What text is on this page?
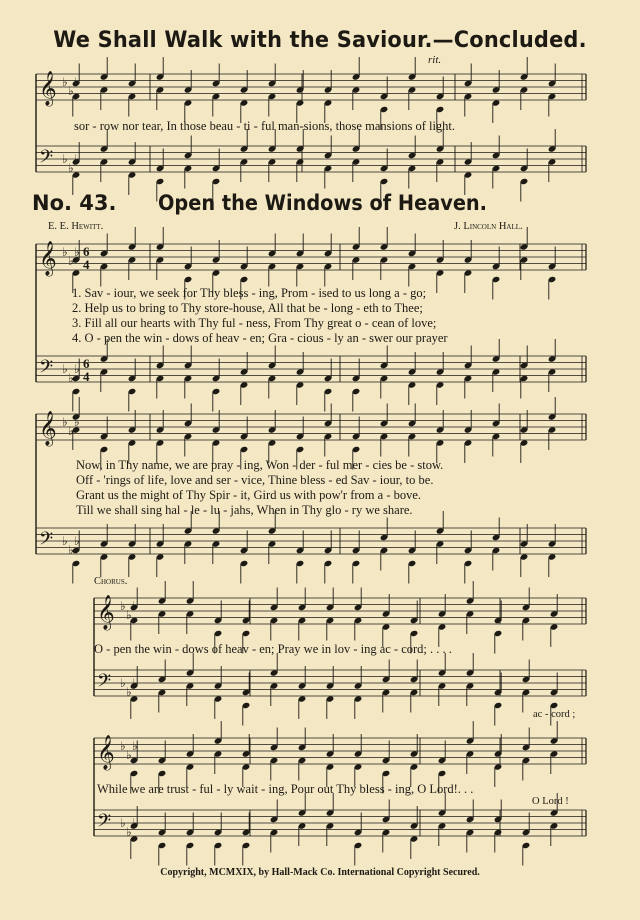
𝄞
𝄢
♭
♭
♭
♭
♭
♭
𝄞
𝄢
♭
♭
♭
♭
♭
♭
𝄞
𝄢
♭
♭
♭
♭
♭
♭
𝄞
𝄢
♭
♭
♭
♭
♭
♭
𝄞
𝄢
♭
♭
♭
♭
♭
♭
6
4
6
4
We Shall Walk with the Saviour.—Concluded.
rit.
sor - row nor tear, In those beau - ti - ful man-sions, those mansions of light.
No. 43. Open the Windows of Heaven.
E. E. Hewitt.	J. Lincoln Hall.
1. Sav - iour, we seek for Thy bless - ing, Prom - ised to us long a - go;
2. Help us to bring to Thy store-house, All that be - long - eth to Thee;
3. Fill all our hearts with Thy ful - ness, From Thy great o - cean of love;
4. O - pen the win - dows of heav - en; Gra - cious - ly an - swer our prayer
Now, in Thy name, we are pray - ing, Won - der - ful mer - cies be - stow.
Off - 'rings of life, love and ser - vice, Thine bless - ed Sav - iour, to be.
Grant us the might of Thy Spir - it, Gird us with pow'r from a - bove.
Till we shall sing hal - le - lu - jahs, When in Thy glo - ry we share.
Chorus.
O - pen the win - dows of heav - en; Pray we in lov - ing ac - cord; . . . .
ac - cord ;
While we are trust - ful - ly wait - ing, Pour out Thy bless - ing, O Lord!. . .
O Lord !
Copyright, MCMXIX, by Hall-Mack Co. International Copyright Secured.
